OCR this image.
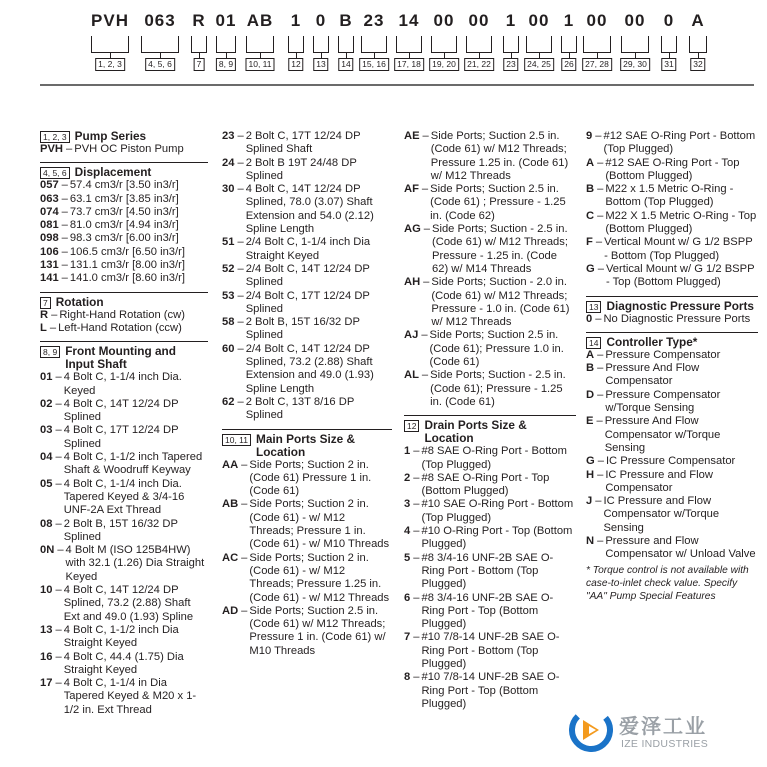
PVH
1, 2, 3
063
4, 5, 6
R
7
01
8, 9
AB
10, 11
1
12
0
13
B
14
23
15, 16
14
17, 18
00
19, 20
00
21, 22
1
23
00
24, 25
1
26
00
27, 28
00
29, 30
0
31
A
32
1, 2, 3 Pump Series
PVH – PVH OC Piston Pump
4, 5, 6 Displacement
057 – 57.4 cm3/r [3.50 in3/r]
063 – 63.1 cm3/r [3.85 in3/r]
074 – 73.7 cm3/r [4.50 in3/r]
081 – 81.0 cm3/r [4.94 in3/r]
098 – 98.3 cm3/r [6.00 in3/r]
106 – 106.5 cm3/r [6.50 in3/r]
131 – 131.1 cm3/r [8.00 in3/r]
141 – 141.0 cm3/r [8.60 in3/r]
7 Rotation
R – Right-Hand Rotation (cw)
L – Left-Hand Rotation (ccw)
8, 9 Front Mounting and Input Shaft
01 – 4 Bolt C, 1-1/4 inch Dia. Keyed
02 – 4 Bolt C, 14T 12/24 DP Splined
03 – 4 Bolt C, 17T 12/24 DP Splined
04 – 4 Bolt C, 1-1/2 inch Tapered Shaft & Woodruff Keyway
05 – 4 Bolt C, 1-1/4 inch Dia. Tapered Keyed & 3/4-16 UNF-2A Ext Thread
08 – 2 Bolt B, 15T 16/32 DP Splined
0N – 4 Bolt M (ISO 125B4HW) with 32.1 (1.26) Dia Straight Keyed
10 – 4 Bolt C, 14T 12/24 DP Splined, 73.2 (2.88) Shaft Ext and 49.0 (1.93) Spline
13 – 4 Bolt C, 1-1/2 inch Dia Straight Keyed
16 – 4 Bolt C, 44.4 (1.75) Dia Straight Keyed
17 – 4 Bolt C, 1-1/4 in Dia Tapered Keyed & M20 x 1-1/2 in. Ext Thread
23 – 2 Bolt C, 17T 12/24 DP Splined Shaft
24 – 2 Bolt B 19T 24/48 DP Splined
30 – 4 Bolt C, 14T 12/24 DP Splined, 78.0 (3.07) Shaft Extension and 54.0 (2.12) Spline Length
51 – 2/4 Bolt C, 1-1/4 inch Dia Straight Keyed
52 – 2/4 Bolt C, 14T 12/24 DP Splined
53 – 2/4 Bolt C, 17T 12/24 DP Splined
58 – 2 Bolt B, 15T 16/32 DP Splined
60 – 2/4 Bolt C, 14T 12/24 DP Splined, 73.2 (2.88) Shaft Extension and 49.0 (1.93) Spline Length
62 – 2 Bolt C, 13T 8/16 DP Splined
10, 11 Main Ports Size & Location
AA – Side Ports; Suction 2 in. (Code 61) Pressure 1 in. (Code 61)
AB – Side Ports; Suction 2 in. (Code 61) - w/ M12 Threads; Pressure 1 in. (Code 61) - w/ M10 Threads
AC – Side Ports; Suction 2 in. (Code 61) - w/ M12 Threads; Pressure 1.25 in. (Code 61) - w/ M12 Threads
AD – Side Ports; Suction 2.5 in. (Code 61) w/ M12 Threads; Pressure 1 in. (Code 61) w/ M10 Threads
AE – Side Ports; Suction 2.5 in. (Code 61) w/ M12 Threads; Pressure 1.25 in. (Code 61) w/ M12 Threads
AF – Side Ports; Suction 2.5 in. (Code 61) ; Pressure - 1.25 in. (Code 62)
AG – Side Ports; Suction - 2.5 in. (Code 61) w/ M12 Threads; Pressure - 1.25 in. (Code 62) w/ M14 Threads
AH – Side Ports; Suction - 2.0 in. (Code 61) w/ M12 Threads; Pressure - 1.0 in. (Code 61) w/ M12 Threads
AJ – Side Ports; Suction 2.5 in. (Code 61); Pressure 1.0 in. (Code 61)
AL – Side Ports; Suction - 2.5 in. (Code 61); Pressure - 1.25 in. (Code 61)
12 Drain Ports Size & Location
1 – #8 SAE O-Ring Port - Bottom (Top Plugged)
2 – #8 SAE O-Ring Port - Top (Bottom Plugged)
3 – #10 SAE O-Ring Port - Bottom (Top Plugged)
4 – #10 O-Ring Port - Top (Bottom Plugged)
5 – #8 3/4-16 UNF-2B SAE O-Ring Port - Bottom (Top Plugged)
6 – #8 3/4-16 UNF-2B SAE O-Ring Port - Top (Bottom Plugged)
7 – #10 7/8-14 UNF-2B SAE O-Ring Port - Bottom (Top Plugged)
8 – #10 7/8-14 UNF-2B SAE O-Ring Port - Top (Bottom Plugged)
9 – #12 SAE O-Ring Port - Bottom (Top Plugged)
A – #12 SAE O-Ring Port - Top (Bottom Plugged)
B – M22 x 1.5 Metric O-Ring - Bottom (Top Plugged)
C – M22 X 1.5 Metric O-Ring - Top (Bottom Plugged)
F – Vertical Mount w/ G 1/2 BSPP - Bottom (Top Plugged)
G – Vertical Mount w/ G 1/2 BSPP - Top (Bottom Plugged)
13 Diagnostic Pressure Ports
0 – No Diagnostic Pressure Ports
14 Controller Type*
A – Pressure Compensator
B – Pressure And Flow Compensator
D – Pressure Compensator w/Torque Sensing
E – Pressure And Flow Compensator w/Torque Sensing
G – IC Pressure Compensator
H – IC Pressure and Flow Compensator
J – IC Pressure and Flow Compensator w/Torque Sensing
N – Pressure and Flow Compensator w/ Unload Valve
* Torque control is not available with case-to-inlet check value. Specify "AA" Pump Special Features
爱泽工业
IZE INDUSTRIES
